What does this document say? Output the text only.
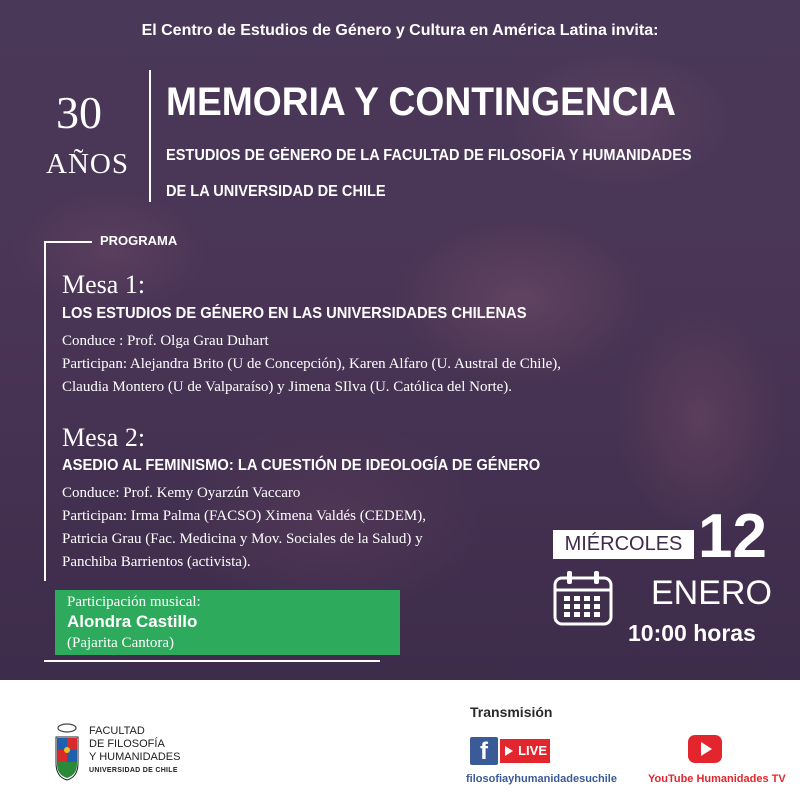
El Centro de Estudios de Género y Cultura en América Latina invita:
30
AÑOS
MEMORIA Y CONTINGENCIA
ESTUDIOS DE GÉNERO DE LA FACULTAD DE FILOSOFÍA Y HUMANIDADES
DE LA UNIVERSIDAD DE CHILE
PROGRAMA
Mesa 1:
LOS ESTUDIOS DE GÉNERO EN LAS UNIVERSIDADES CHILENAS
Conduce : Prof. Olga Grau Duhart
Participan: Alejandra Brito (U de Concepción), Karen Alfaro (U. Austral de Chile),
Claudia Montero (U de Valparaíso) y Jimena SIlva (U. Católica del Norte).
Mesa 2:
ASEDIO AL FEMINISMO: LA CUESTIÓN DE IDEOLOGÍA DE GÉNERO
Conduce: Prof. Kemy Oyarzún Vaccaro
Participan: Irma Palma (FACSO) Ximena Valdés (CEDEM),
Patricia Grau (Fac. Medicina y Mov. Sociales de la Salud) y
Panchiba Barrientos (activista).
Participación musical:
Alondra Castillo
(Pajarita Cantora)
MIÉRCOLES 12
ENERO
10:00 horas
FACULTAD
DE FILOSOFÍA
Y HUMANIDADES
UNIVERSIDAD DE CHILE
Transmisión
f	LIVE
filosofiayhumanidadesuchile	YouTube Humanidades TV
